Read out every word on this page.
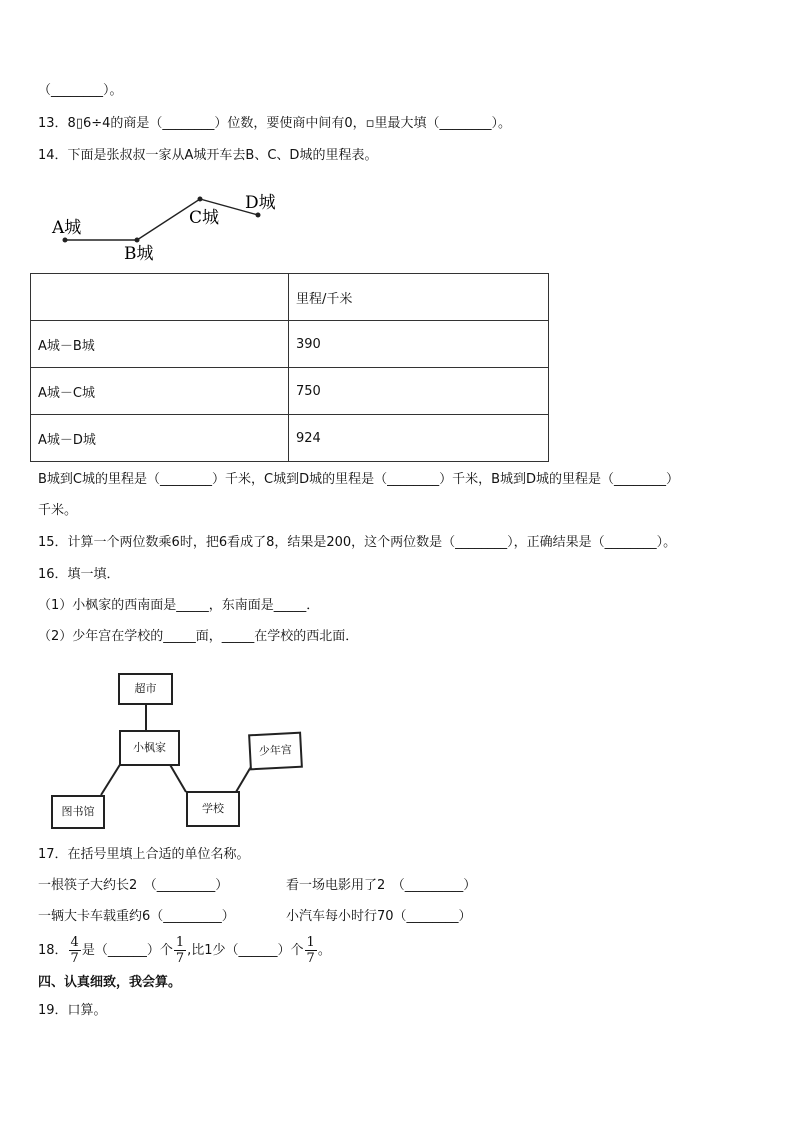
（________）。
13．8▯6÷4的商是（________）位数，要使商中间有0，▫里最大填（________）。
14．下面是张叔叔一家从A城开车去B、C、D城的里程表。
A城
B城
C城
D城
	里程/千米
A城－B城	390
A城－C城	750
A城－D城	924
B城到C城的里程是（________）千米，C城到D城的里程是（________）千米，B城到D城的里程是（________）
千米。
15．计算一个两位数乘6时，把6看成了8，结果是200，这个两位数是（________），正确结果是（________）。
16．填一填．
（1）小枫家的西南面是_____，东南面是_____．
（2）少年宫在学校的_____面，_____在学校的西北面．
超市
小枫家	少年宫
图书馆	学校
17．在括号里填上合适的单位名称。
一根筷子大约长2　（_________）	看一场电影用了2　（_________）
一辆大卡车载重约6（_________）	小汽车每小时行70（________）
18． $\frac{4}{7}$ 是（______）个 $\frac{1}{7}$ ,比1少（______）个 $\frac{1}{7}$ 。
四、认真细致，我会算。
19．口算。
